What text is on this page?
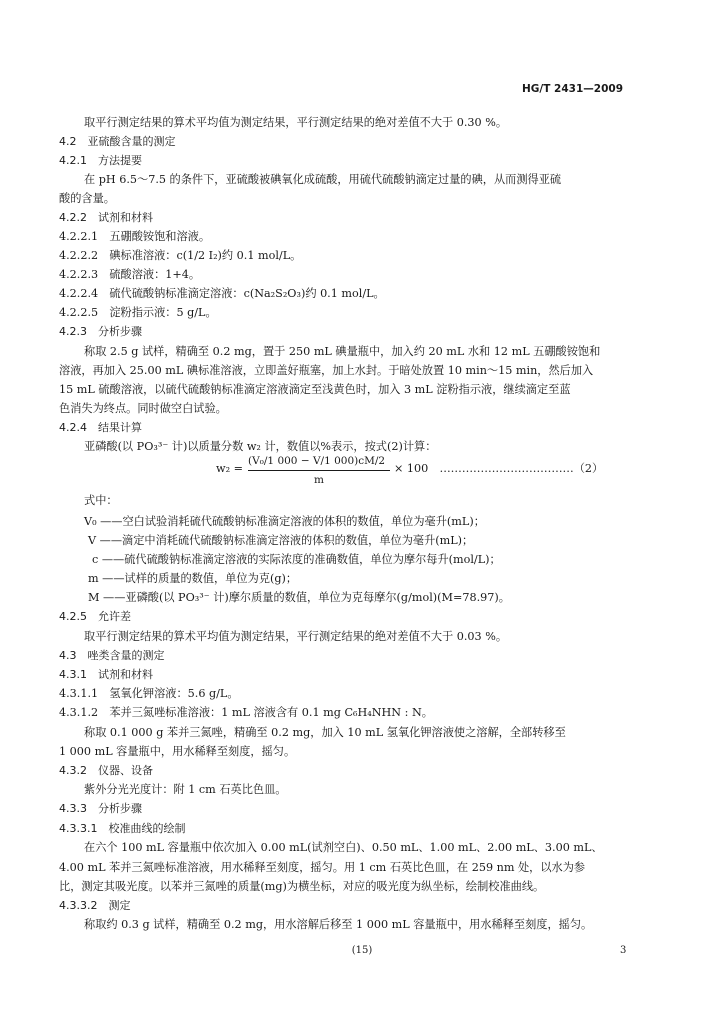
HG/T 2431—2009
取平行测定结果的算术平均值为测定结果，平行测定结果的绝对差值不大于 0.30 %。
4.2　亚硫酸含量的测定
4.2.1　方法提要
在 pH 6.5～7.5 的条件下，亚硫酸被碘氧化成硫酸，用硫代硫酸钠滴定过量的碘，从而测得亚硫
酸的含量。
4.2.2　试剂和材料
4.2.2.1　五硼酸铵饱和溶液。
4.2.2.2　碘标准溶液：c(1/2 I₂)约 0.1 mol/L。
4.2.2.3　硫酸溶液：1+4。
4.2.2.4　硫代硫酸钠标准滴定溶液：c(Na₂S₂O₃)约 0.1 mol/L。
4.2.2.5　淀粉指示液：5 g/L。
4.2.3　分析步骤
称取 2.5 g 试样，精确至 0.2 mg，置于 250 mL 碘量瓶中，加入约 20 mL 水和 12 mL 五硼酸铵饱和
溶液，再加入 25.00 mL 碘标准溶液，立即盖好瓶塞，加上水封。于暗处放置 10 min～15 min，然后加入
15 mL 硫酸溶液，以硫代硫酸钠标准滴定溶液滴定至浅黄色时，加入 3 mL 淀粉指示液，继续滴定至蓝
色消失为终点。同时做空白试验。
4.2.4　结果计算
亚磷酸(以 PO₃³⁻ 计)以质量分数 w₂ 计，数值以%表示，按式(2)计算：
w₂ =
(V₀/1 000 − V/1 000)cM/2
m
× 100　………………………………（2）
式中：
V₀ ——空白试验消耗硫代硫酸钠标准滴定溶液的体积的数值，单位为毫升(mL)；
V ——滴定中消耗硫代硫酸钠标准滴定溶液的体积的数值，单位为毫升(mL)；
c ——硫代硫酸钠标准滴定溶液的实际浓度的准确数值，单位为摩尔每升(mol/L)；
m ——试样的质量的数值，单位为克(g)；
M ——亚磷酸(以 PO₃³⁻ 计)摩尔质量的数值，单位为克每摩尔(g/mol)(M=78.97)。
4.2.5　允许差
取平行测定结果的算术平均值为测定结果，平行测定结果的绝对差值不大于 0.03 %。
4.3　唑类含量的测定
4.3.1　试剂和材料
4.3.1.1　氢氧化钾溶液：5.6 g/L。
4.3.1.2　苯并三氮唑标准溶液：1 mL 溶液含有 0.1 mg C₆H₄NHN : N。
称取 0.1 000 g 苯并三氮唑，精确至 0.2 mg，加入 10 mL 氢氧化钾溶液使之溶解，全部转移至
1 000 mL 容量瓶中，用水稀释至刻度，摇匀。
4.3.2　仪器、设备
紫外分光光度计：附 1 cm 石英比色皿。
4.3.3　分析步骤
4.3.3.1　校准曲线的绘制
在六个 100 mL 容量瓶中依次加入 0.00 mL(试剂空白)、0.50 mL、1.00 mL、2.00 mL、3.00 mL、
4.00 mL 苯并三氮唑标准溶液，用水稀释至刻度，摇匀。用 1 cm 石英比色皿，在 259 nm 处，以水为参
比，测定其吸光度。以苯并三氮唑的质量(mg)为横坐标，对应的吸光度为纵坐标，绘制校准曲线。
4.3.3.2　测定
称取约 0.3 g 试样，精确至 0.2 mg，用水溶解后移至 1 000 mL 容量瓶中，用水稀释至刻度，摇匀。
(15)	3
